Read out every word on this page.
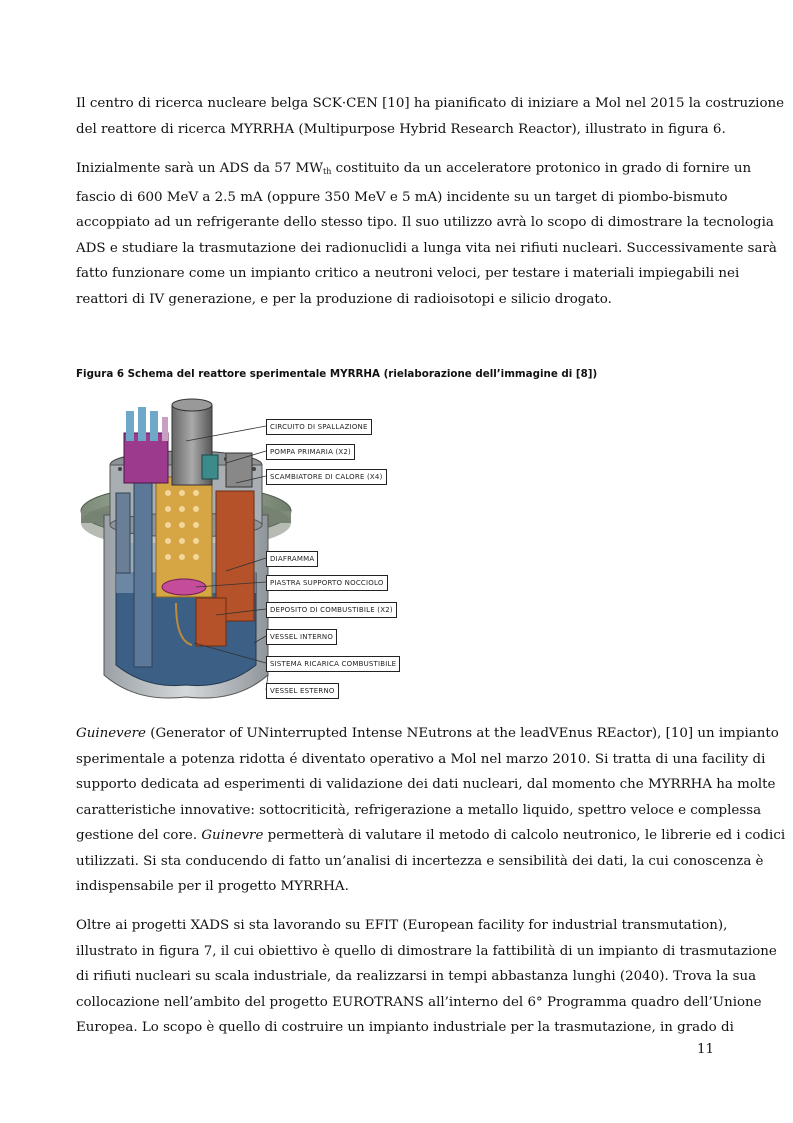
Il centro di ricerca nucleare belga SCK·CEN [10] ha pianificato di iniziare a Mol nel 2015 la costruzione
del reattore di ricerca MYRRHA (Multipurpose Hybrid Research Reactor), illustrato in figura 6.
Inizialmente sarà un ADS da 57 $MW_{th}$ costituito da un acceleratore protonico in grado di fornire un
fascio di 600 MeV a 2.5 mA (oppure 350 MeV e 5 mA) incidente su un target di piombo-bismuto
accoppiato ad un refrigerante dello stesso tipo. Il suo utilizzo avrà lo scopo di dimostrare la tecnologia
ADS e studiare la trasmutazione dei radionuclidi a lunga vita nei rifiuti nucleari. Successivamente sarà
fatto funzionare come un impianto critico a neutroni veloci, per testare i materiali impiegabili nei
reattori di IV generazione, e per la produzione di radioisotopi e silicio drogato.

Figura 6 Schema del reattore sperimentale MYRRHA (rielaborazione dell’immagine di [8])

CIRCUITO DI SPALLAZIONE
POMPA PRIMARIA (X2)
SCAMBIATORE DI CALORE (X4)
DIAFRAMMA
PIASTRA SUPPORTO NOCCIOLO
DEPOSITO DI COMBUSTIBILE (X2)
VESSEL INTERNO
SISTEMA RICARICA COMBUSTIBILE
VESSEL ESTERNO
Guinevere (Generator of UNinterrupted Intense NEutrons at the leadVEnus REactor), [10] un impianto
sperimentale a potenza ridotta é diventato operativo a Mol nel marzo 2010. Si tratta di una facility di
supporto dedicata ad esperimenti di validazione dei dati nucleari, dal momento che MYRRHA ha molte
caratteristiche innovative: sottocriticità, refrigerazione a metallo liquido, spettro veloce e complessa
gestione del core. Guinevre permetterà di valutare il metodo di calcolo neutronico, le librerie ed i codici
utilizzati. Si sta conducendo di fatto un’analisi di incertezza e sensibilità dei dati, la cui conoscenza è
indispensabile per il progetto MYRRHA.
Oltre ai progetti XADS si sta lavorando su EFIT (European facility for industrial transmutation),
illustrato in figura 7, il cui obiettivo è quello di dimostrare la fattibilità di un impianto di trasmutazione
di rifiuti nucleari su scala industriale, da realizzarsi in tempi abbastanza lunghi (2040). Trova la sua
collocazione nell’ambito del progetto EUROTRANS all’interno del 6° Programma quadro dell’Unione
Europea. Lo scopo è quello di costruire un impianto industriale per la trasmutazione, in grado di
11
